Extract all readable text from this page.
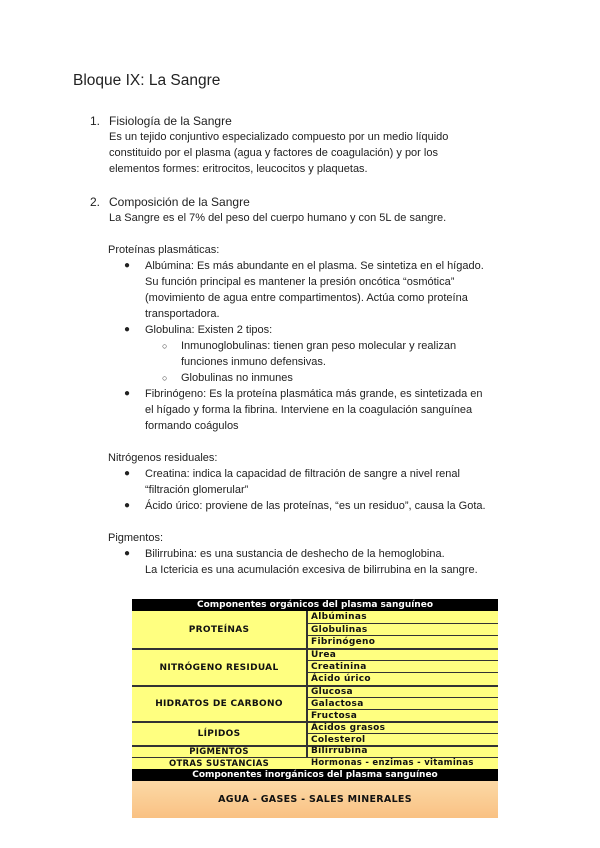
Bloque IX: La Sangre
1. Fisiología de la Sangre

Es un tejido conjuntivo especializado compuesto por un medio líquido

constituido por el plasma (agua y factores de coagulación) y por los

elementos formes: eritrocitos, leucocitos y plaquetas.

2. Composición de la Sangre
La Sangre es el 7% del peso del cuerpo humano y con 5L de sangre.
Proteínas plasmáticas:
● Albúmina: Es más abundante en el plasma. Se sintetiza en el hígado.

Su función principal es mantener la presión oncótica “osmótica”

(movimiento de agua entre compartimentos). Actúa como proteína

transportadora.

● Globulina: Existen 2 tipos:

○ Inmunoglobulinas: tienen gran peso molecular y realizan

funciones inmuno defensivas.

○ Globulinas no inmunes

● Fibrinógeno: Es la proteína plasmática más grande, es sintetizada en

el hígado y forma la fibrina. Interviene en la coagulación sanguínea

formando coágulos

Nitrógenos residuales:
● Creatina: indica la capacidad de filtración de sangre a nivel renal

“filtración glomerular”

● Ácido úrico: proviene de las proteínas, “es un residuo”, causa la Gota.

Pigmentos:
● Bilirrubina: es una sustancia de deshecho de la hemoglobina.

La Ictericia es una acumulación excesiva de bilirrubina en la sangre.

Componentes orgánicos del plasma sanguíneo
PROTEÍNAS
NITRÓGENO RESIDUAL
HIDRATOS DE CARBONO
LÍPIDOS
PIGMENTOS
OTRAS SUSTANCIAS
Albúminas
Globulinas
Fibrinógeno
Urea
Creatinina
Ácido úrico
Glucosa
Galactosa
Fructosa
Ácidos grasos
Colesterol
Bilirrubina
Hormonas - enzimas - vitaminas
Componentes inorgánicos del plasma sanguíneo
AGUA - GASES - SALES MINERALES
